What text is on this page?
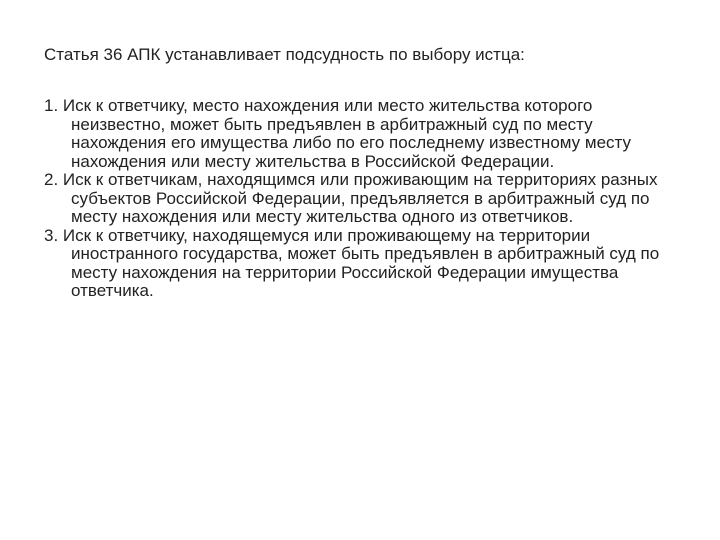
Статья 36 АПК устанавливает подсудность по выбору истца:

1. Иск к ответчику, место нахождения или место жительства которого неизвестно, может быть предъявлен в арбитражный суд по месту нахождения его имущества либо по его последнему известному месту нахождения или месту жительства в Российской Федерации.
2. Иск к ответчикам, находящимся или проживающим на территориях разных субъектов Российской Федерации, предъявляется в арбитражный суд по месту нахождения или месту жительства одного из ответчиков.
3. Иск к ответчику, находящемуся или проживающему на территории иностранного государства, может быть предъявлен в арбитражный суд по месту нахождения на территории Российской Федерации имущества ответчика.
